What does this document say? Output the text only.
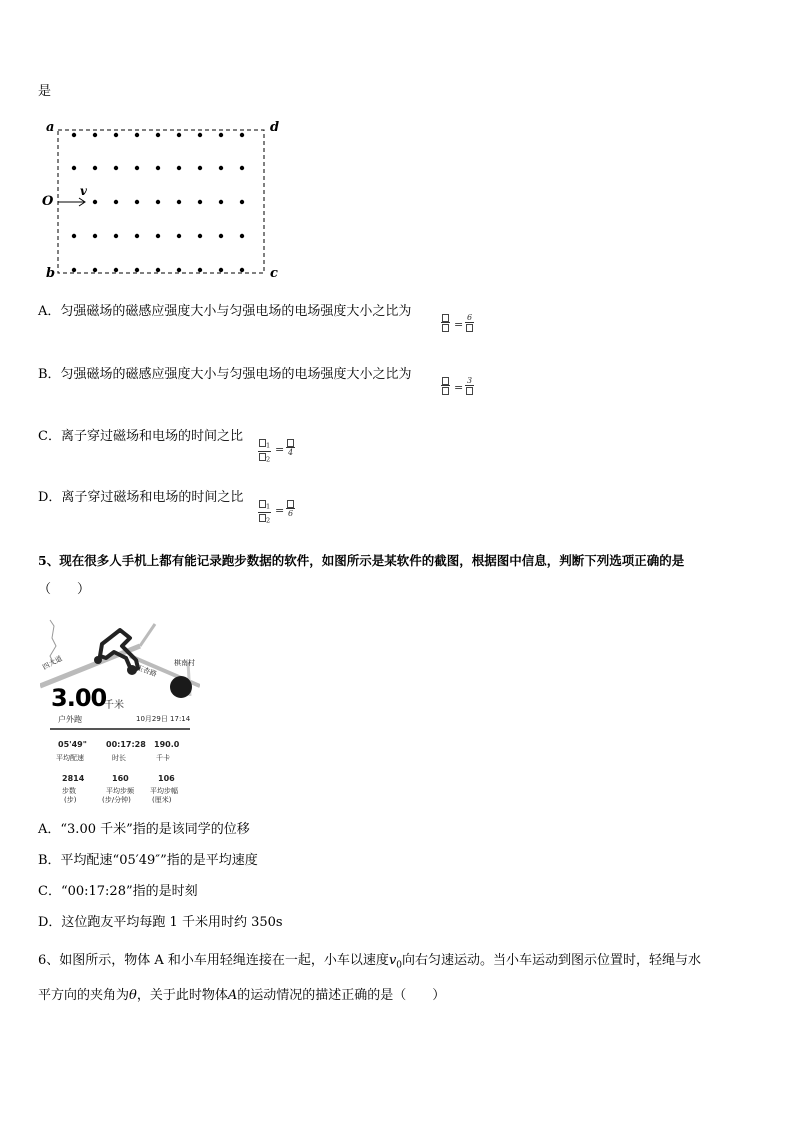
是
a	d
O
v
b	c
A．匀强磁场的磁感应强度大小与匀强电场的电场强度大小之比为
=
6
B．匀强磁场的磁感应强度大小与匀强电场的电场强度大小之比为
=
3
C．离子穿过磁场和电场的时间之比
$\frac{_1}{_2} = 4$
D．离子穿过磁场和电场的时间之比
$\frac{_1}{_2} = 6$
5、现在很多人手机上都有能记录跑步数据的软件，如图所示是某软件的截图，根据图中信息，判断下列选项正确的是
（　　）
四大道	玉杏路
棋南村
3.00
千米
户外跑	10月29日 17:14
05'49"
平均配速
00:17:28
时长
190.0
千卡
2814
步数
(步)
160
平均步频
(步/分钟)
106
平均步幅
(厘米)
A．“3.00 千米”指的是该同学的位移
B．平均配速“05′49″”指的是平均速度
C．“00:17:28”指的是时刻
D．这位跑友平均每跑 1 千米用时约 350s
6、如图所示，物体 A 和小车用轻绳连接在一起，小车以速度$v_0$向右匀速运动。当小车运动到图示位置时，轻绳与水
平方向的夹角为θ，关于此时物体A的运动情况的描述正确的是（　　）
